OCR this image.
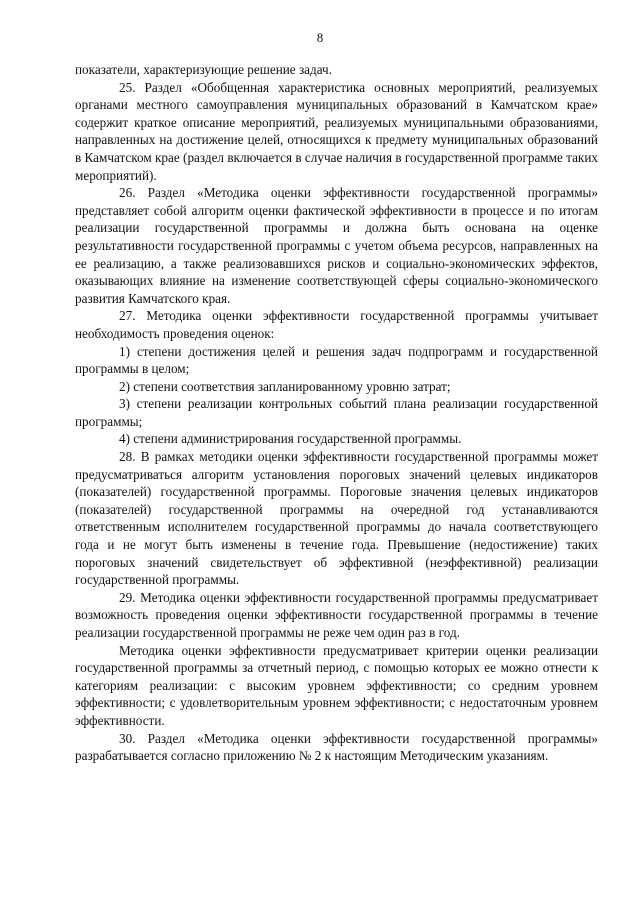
8

показатели, характеризующие решение задач.

25. Раздел «Обобщенная характеристика основных мероприятий, реализуемых органами местного самоуправления муниципальных образований в Камчатском крае» содержит краткое описание мероприятий, реализуемых муниципальными образованиями, направленных на достижение целей, относящихся к предмету муниципальных образований в Камчатском крае (раздел включается в случае наличия в государственной программе таких мероприятий).

26. Раздел «Методика оценки эффективности государственной программы» представляет собой алгоритм оценки фактической эффективности в процессе и по итогам реализации государственной программы и должна быть основана на оценке результативности государственной программы с учетом объема ресурсов, направленных на ее реализацию, а также реализовавшихся рисков и социально-экономических эффектов, оказывающих влияние на изменение соответствующей сферы социально-экономического развития Камчатского края.

27. Методика оценки эффективности государственной программы учитывает необходимость проведения оценок:

1) степени достижения целей и решения задач подпрограмм и государственной программы в целом;

2) степени соответствия запланированному уровню затрат;

3) степени реализации контрольных событий плана реализации государственной программы;

4) степени администрирования государственной программы.

28. В рамках методики оценки эффективности государственной программы может предусматриваться алгоритм установления пороговых значений целевых индикаторов (показателей) государственной программы. Пороговые значения целевых индикаторов (показателей) государственной программы на очередной год устанавливаются ответственным исполнителем государственной программы до начала соответствующего года и не могут быть изменены в течение года. Превышение (недостижение) таких пороговых значений свидетельствует об эффективной (неэффективной) реализации государственной программы.

29. Методика оценки эффективности государственной программы предусматривает возможность проведения оценки эффективности государственной программы в течение реализации государственной программы не реже чем один раз в год.

Методика оценки эффективности предусматривает критерии оценки реализации государственной программы за отчетный период, с помощью которых ее можно отнести к категориям реализации: с высоким уровнем эффективности; со средним уровнем эффективности; с удовлетворительным уровнем эффективности; с недостаточным уровнем эффективности.

30. Раздел «Методика оценки эффективности государственной программы» разрабатывается согласно приложению № 2 к настоящим Методическим указаниям.
